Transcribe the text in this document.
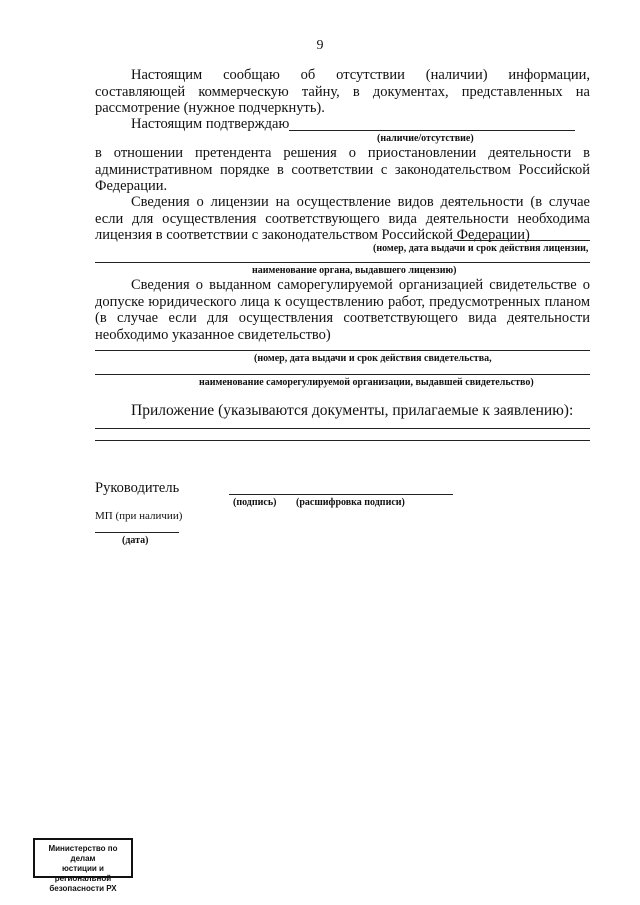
9
Настоящим сообщаю об отсутствии (наличии) информации, составляющей коммерческую тайну, в документах, представленных на рассмотрение (нужное подчеркнуть).
Настоящим подтверждаю
(наличие/отсутствие)
в отношении претендента решения о приостановлении деятельности в административном порядке в соответствии с законодательством Российской Федерации.
Сведения о лицензии на осуществление видов деятельности (в случае если для осуществления соответствующего вида деятельности необходима лицензия в соответствии с законодательством Российской Федерации)
(номер, дата выдачи и срок действия лицензии,
наименование органа, выдавшего лицензию)
Сведения о выданном саморегулируемой организацией свидетельстве о допуске юридического лица к осуществлению работ, предусмотренных планом (в случае если для осуществления соответствующего вида деятельности необходимо указанное свидетельство)
(номер, дата выдачи и срок действия свидетельства,
наименование саморегулируемой организации, выдавшей свидетельство)
Приложение (указываются документы, прилагаемые к заявлению):
Руководитель
(подпись) (расшифровка подписи)
МП (при наличии)
(дата)
Министерство по делам
юстиции и региональной
безопасности РХ
